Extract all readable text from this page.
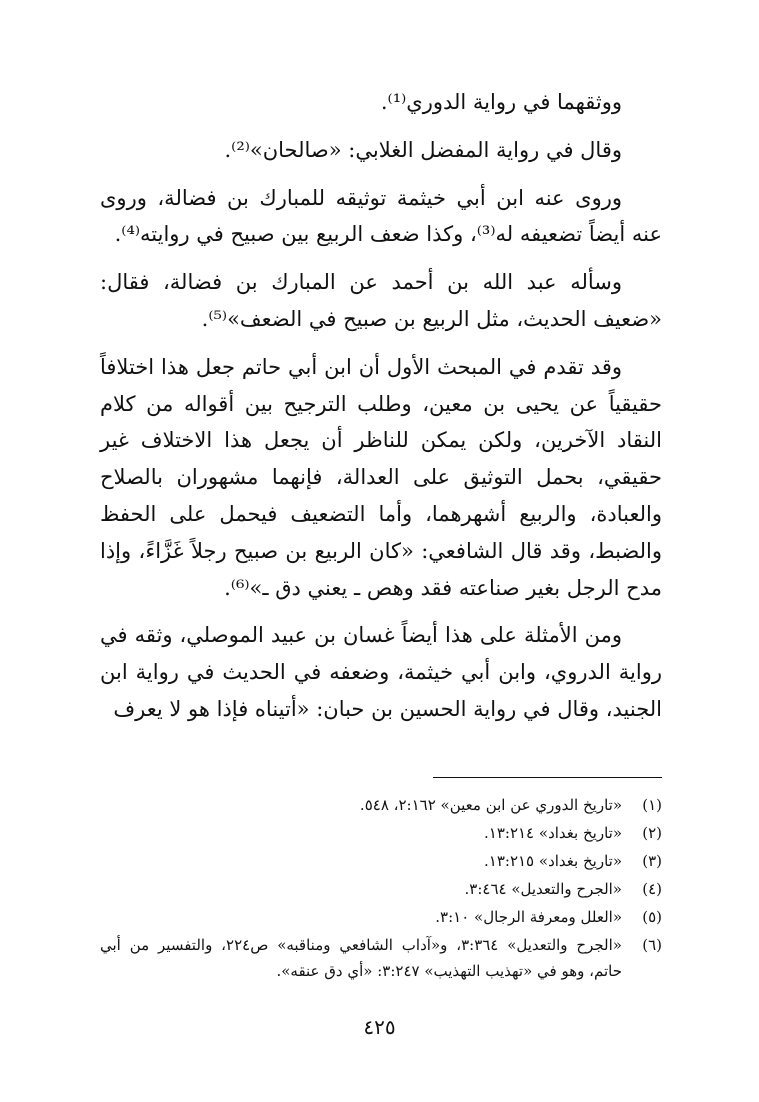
ووثقهما في رواية الدوري⁽¹⁾.

وقال في رواية المفضل الغلابي: «صالحان»⁽²⁾.

وروى عنه ابن أبي خيثمة توثيقه للمبارك بن فضالة، وروى عنه أيضاً تضعيفه له⁽³⁾، وكذا ضعف الربيع بين صبيح في روايته⁽⁴⁾.

وسأله عبد الله بن أحمد عن المبارك بن فضالة، فقال: «ضعيف الحديث، مثل الربيع بن صبيح في الضعف»⁽⁵⁾.

وقد تقدم في المبحث الأول أن ابن أبي حاتم جعل هذا اختلافاً حقيقياً عن يحيى بن معين، وطلب الترجيح بين أقواله من كلام النقاد الآخرين، ولكن يمكن للناظر أن يجعل هذا الاختلاف غير حقيقي، بحمل التوثيق على العدالة، فإنهما مشهوران بالصلاح والعبادة، والربيع أشهرهما، وأما التضعيف فيحمل على الحفظ والضبط، وقد قال الشافعي: «كان الربيع بن صبيح رجلاً غَزَّاءً، وإذا مدح الرجل بغير صناعته فقد وهص ـ يعني دق ـ»⁽⁶⁾.

ومن الأمثلة على هذا أيضاً غسان بن عبيد الموصلي، وثقه في رواية الدروي، وابن أبي خيثمة، وضعفه في الحديث في رواية ابن الجنيد، وقال في رواية الحسين بن حبان: «أتيناه فإذا هو لا يعرف

(١)
«تاريخ الدوري عن ابن معين» ٢:١٦٢، ٥٤٨.
(٢)
«تاريخ بغداد» ١٣:٢١٤.
(٣)
«تاريخ بغداد» ١٣:٢١٥.
(٤)
«الجرح والتعديل» ٣:٤٦٤.
(٥)
«العلل ومعرفة الرجال» ٣:١٠.
(٦)
«الجرح والتعديل» ٣:٣٦٤، و«آداب الشافعي ومناقبه» ص٢٢٤، والتفسير من أبي حاتم، وهو في «تهذيب التهذيب» ٣:٢٤٧: «أي دق عنقه».
٤٢٥
